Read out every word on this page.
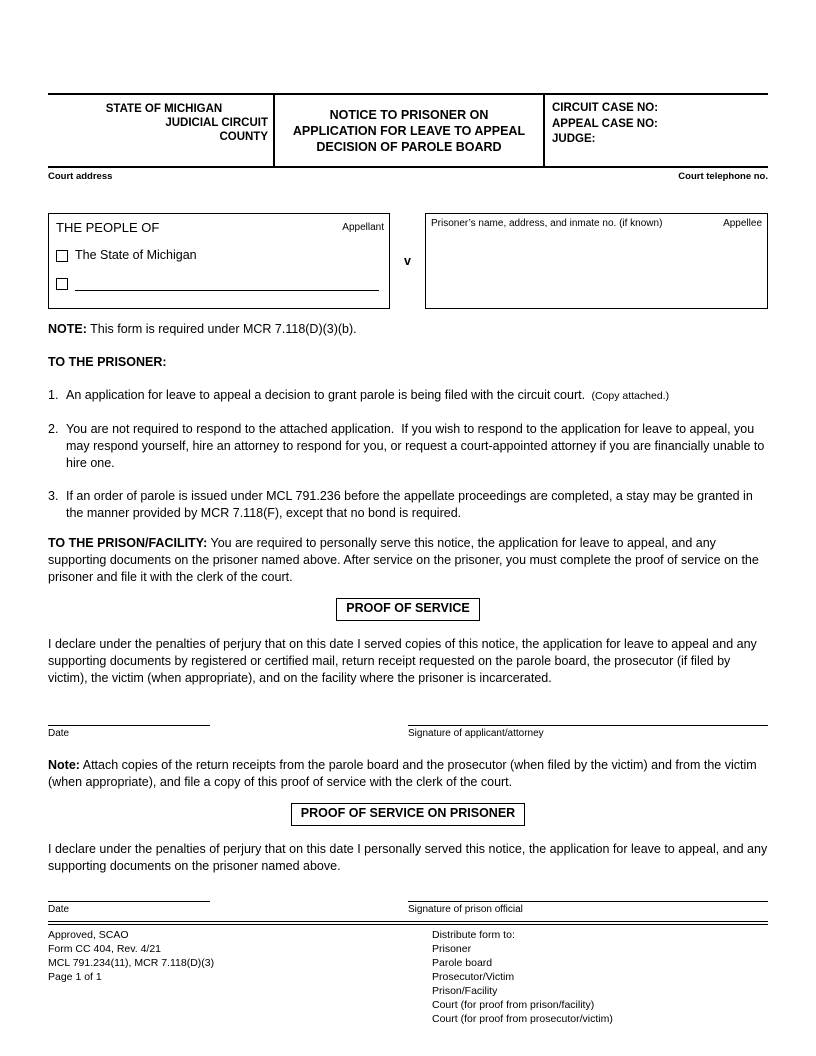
STATE OF MICHIGAN
JUDICIAL CIRCUIT
COUNTY
NOTICE TO PRISONER ON
APPLICATION FOR LEAVE TO APPEAL
DECISION OF PAROLE BOARD
CIRCUIT CASE NO:
APPEAL CASE NO:
JUDGE:
Court address	Court telephone no.
THE PEOPLE OF	Appellant
The State of Michigan	v
Prisoner’s name, address, and inmate no. (if known)	Appellee
NOTE: This form is required under MCR 7.118(D)(3)(b).
TO THE PRISONER:
1. An application for leave to appeal a decision to grant parole is being filed with the circuit court.  (Copy attached.)
2. You are not required to respond to the attached application.  If you wish to respond to the application for leave to appeal, you may respond yourself, hire an attorney to respond for you, or request a court-appointed attorney if you are financially unable to hire one.
3. If an order of parole is issued under MCL 791.236 before the appellate proceedings are completed, a stay may be granted in the manner provided by MCR 7.118(F), except that no bond is required.
TO THE PRISON/FACILITY: You are required to personally serve this notice, the application for leave to appeal, and any supporting documents on the prisoner named above. After service on the prisoner, you must complete the proof of service on the prisoner and file it with the clerk of the court.
PROOF OF SERVICE
I declare under the penalties of perjury that on this date I served copies of this notice, the application for leave to appeal and any supporting documents by registered or certified mail, return receipt requested on the parole board, the prosecutor (if filed by victim), the victim (when appropriate), and on the facility where the prisoner is incarcerated.
Date	Signature of applicant/attorney
Note: Attach copies of the return receipts from the parole board and the prosecutor (when filed by the victim) and from the victim (when appropriate), and file a copy of this proof of service with the clerk of the court.
PROOF OF SERVICE ON PRISONER
I declare under the penalties of perjury that on this date I personally served this notice, the application for leave to appeal, and any supporting documents on the prisoner named above.
Date	Signature of prison official
Approved, SCAO
Form CC 404, Rev. 4/21
MCL 791.234(11), MCR 7.118(D)(3)
Page 1 of 1
Distribute form to:
Prisoner
Parole board
Prosecutor/Victim
Prison/Facility
Court (for proof from prison/facility)
Court (for proof from prosecutor/victim)
